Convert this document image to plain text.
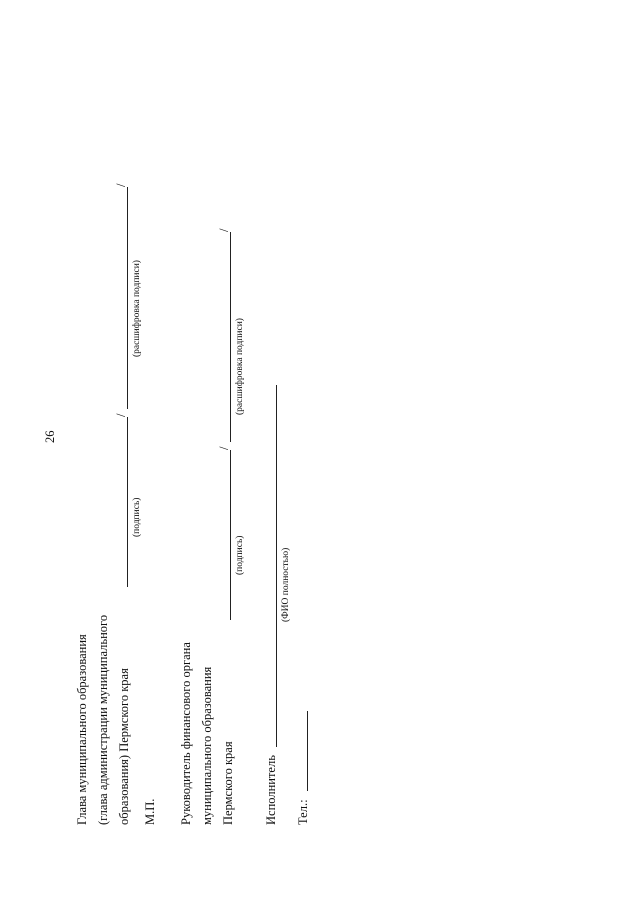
26
Глава муниципального образования (глава администрации муниципального образования) Пермского края
/
/
(подпись)
(расшифровка подписи)
М.П. Руководитель финансового органа муниципального образования Пермского края
/
/
(подпись)
(расшифровка подписи)
Исполнитель
(ФИО полностью)
Тел.:
